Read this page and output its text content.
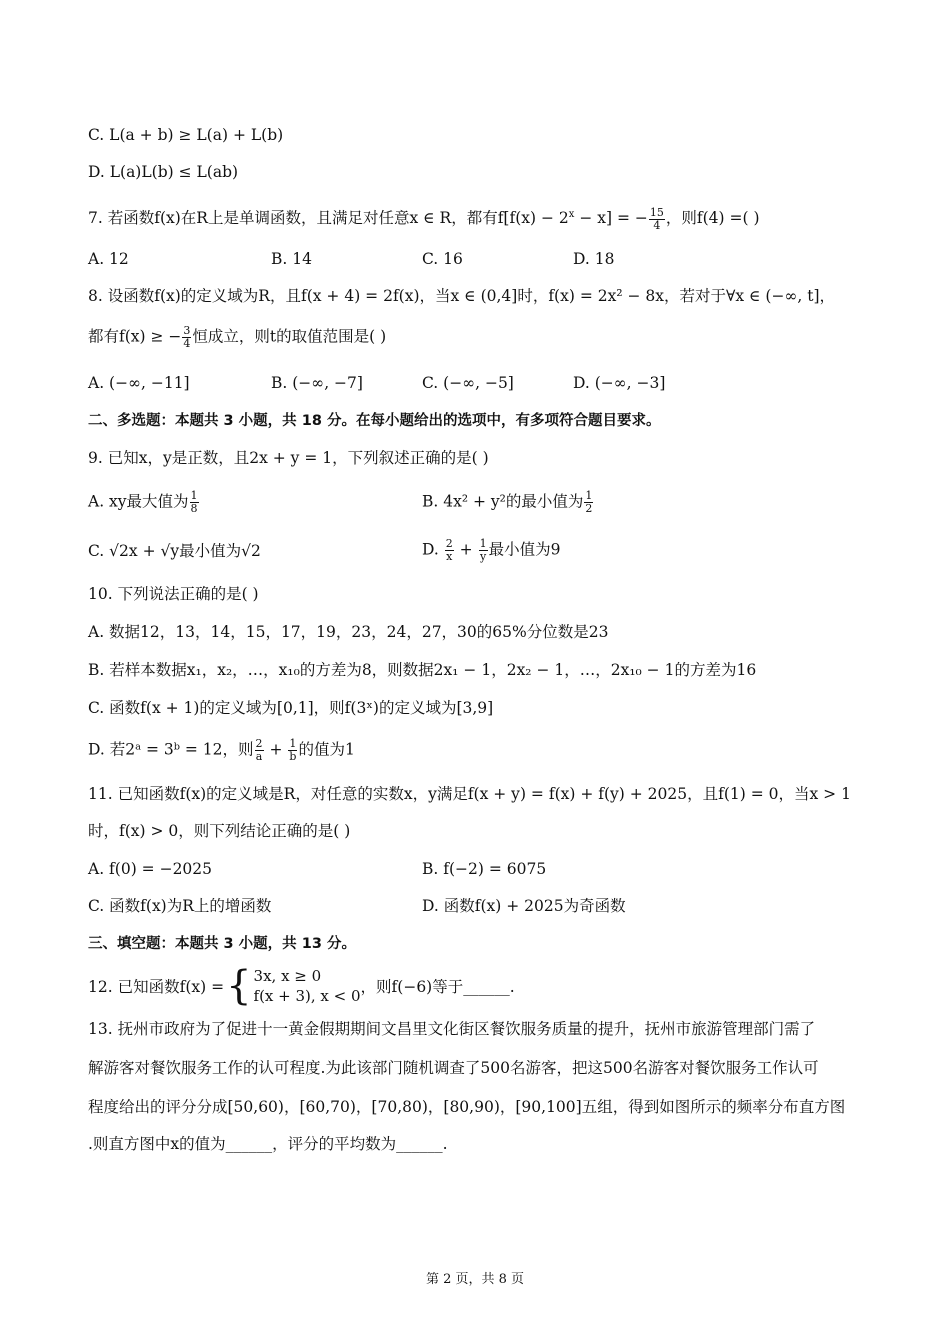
C. L(a + b) ≥ L(a) + L(b)
D. L(a)L(b) ≤ L(ab)
7. 若函数f(x)在R上是单调函数，且满足对任意x ∈ R，都有$f[f(x) - 2^x - x]$ = − $\frac{15}{4}$ ，则f(4) =( )
A. 12	B. 14	C. 16	D. 18
8. 设函数f(x)的定义域为R，且f(x + 4) = 2f(x)，当x ∈ (0,4]时，f(x) = 2x² − 8x，若对于∀x ∈ (−∞, t]，
都有f(x) ≥ − $\frac{3}{4}$ 恒成立，则t的取值范围是( )
A. (−∞, −11]	B. (−∞, −7]	C. (−∞, −5]	D. (−∞, −3]
二、多选题：本题共 3 小题，共 18 分。在每小题给出的选项中，有多项符合题目要求。
9. 已知x，y是正数，且2x + y = 1，下列叙述正确的是( )
A. xy最大值为 $\frac{1}{8}$	B. 4x² + y²的最小值为 $\frac{1}{2}$
C. √2x + √y最小值为√2	D. $\frac{2}{x} + \frac{1}{y}$ 最小值为9
10. 下列说法正确的是( )
A. 数据12，13，14，15，17，19，23，24，27，30的65%分位数是23
B. 若样本数据x₁，x₂，…，x₁₀的方差为8，则数据2x₁ − 1，2x₂ − 1，…，2x₁₀ − 1的方差为16
C. 函数f(x + 1)的定义域为[0,1]，则f(3ˣ)的定义域为[3,9]
D. 若2ᵃ = 3ᵇ = 12，则 $\frac{2}{a} + \frac{1}{b}$ 的值为1
11. 已知函数f(x)的定义域是R，对任意的实数x，y满足f(x + y) = f(x) + f(y) + 2025，且f(1) = 0，当x > 1
时，f(x) > 0，则下列结论正确的是( )
A. f(0) = −2025	B. f(−2) = 6075
C. 函数f(x)为R上的增函数	D. 函数f(x) + 2025为奇函数
三、填空题：本题共 3 小题，共 13 分。
12. 已知函数f(x) = { 3x, x ≥ 0
f(x + 3), x < 0 ，则f(−6)等于______.
13. 抚州市政府为了促进十一黄金假期期间文昌里文化街区餐饮服务质量的提升，抚州市旅游管理部门需了
解游客对餐饮服务工作的认可程度.为此该部门随机调查了500名游客，把这500名游客对餐饮服务工作认可
程度给出的评分分成[50,60)，[60,70)，[70,80)，[80,90)，[90,100]五组，得到如图所示的频率分布直方图
.则直方图中x的值为______，评分的平均数为______.
第 2 页，共 8 页
